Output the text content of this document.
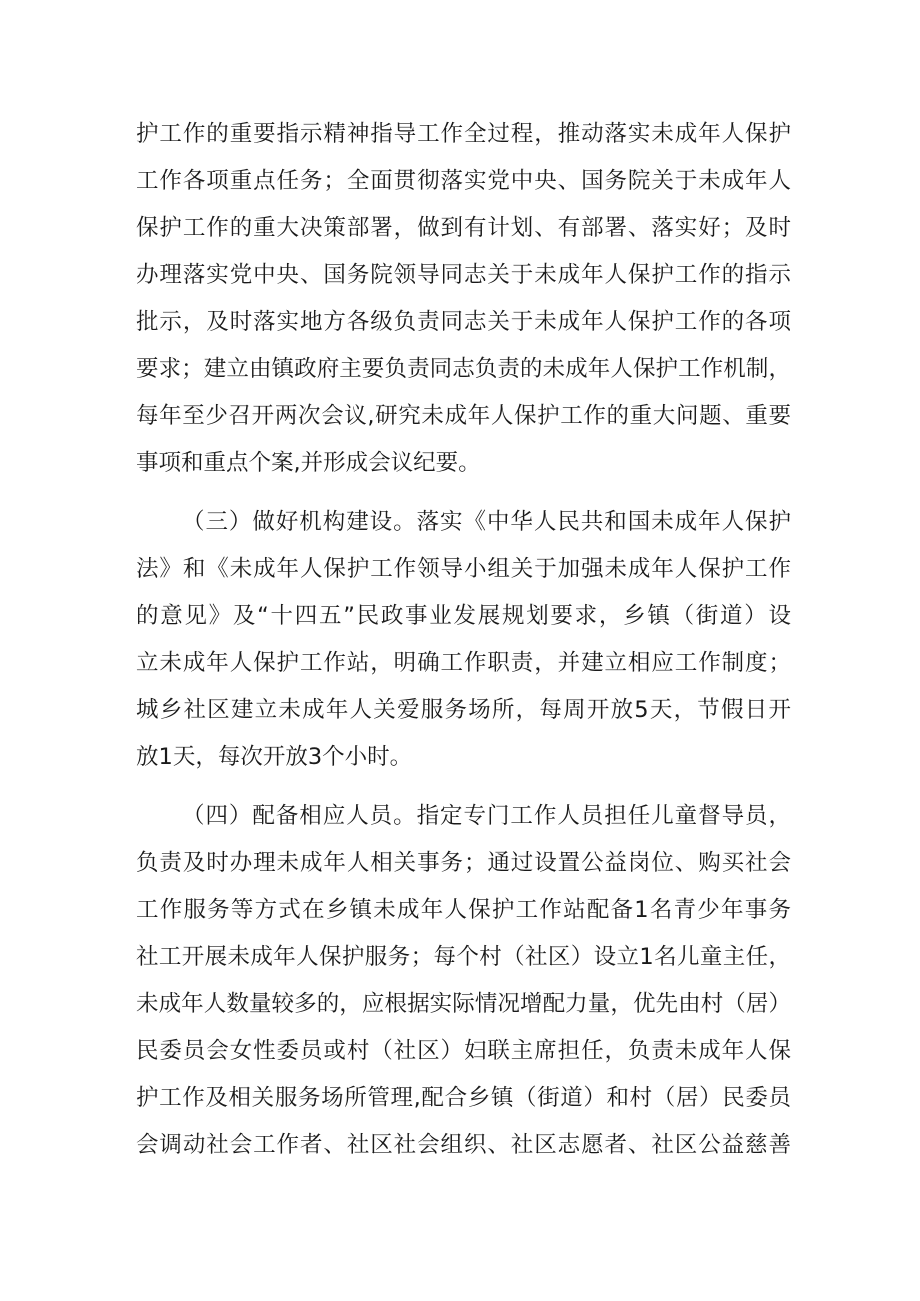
护工作的重要指示精神指导工作全过程，推动落实未成年人保护
工作各项重点任务；全面贯彻落实党中央、国务院关于未成年人
保护工作的重大决策部署，做到有计划、有部署、落实好；及时
办理落实党中央、国务院领导同志关于未成年人保护工作的指示
批示，及时落实地方各级负责同志关于未成年人保护工作的各项
要求；建立由镇政府主要负责同志负责的未成年人保护工作机制，
每年至少召开两次会议,研究未成年人保护工作的重大问题、重要
事项和重点个案,并形成会议纪要。
（三）做好机构建设。落实《中华人民共和国未成年人保护
法》和《未成年人保护工作领导小组关于加强未成年人保护工作
的意见》及“十四五”民政事业发展规划要求，乡镇（街道）设
立未成年人保护工作站，明确工作职责，并建立相应工作制度；
城乡社区建立未成年人关爱服务场所，每周开放5天，节假日开
放1天，每次开放3个小时。
（四）配备相应人员。指定专门工作人员担任儿童督导员，
负责及时办理未成年人相关事务；通过设置公益岗位、购买社会
工作服务等方式在乡镇未成年人保护工作站配备1名青少年事务
社工开展未成年人保护服务；每个村（社区）设立1名儿童主任，
未成年人数量较多的，应根据实际情况增配力量，优先由村（居）
民委员会女性委员或村（社区）妇联主席担任，负责未成年人保
护工作及相关服务场所管理,配合乡镇（街道）和村（居）民委员
会调动社会工作者、社区社会组织、社区志愿者、社区公益慈善
